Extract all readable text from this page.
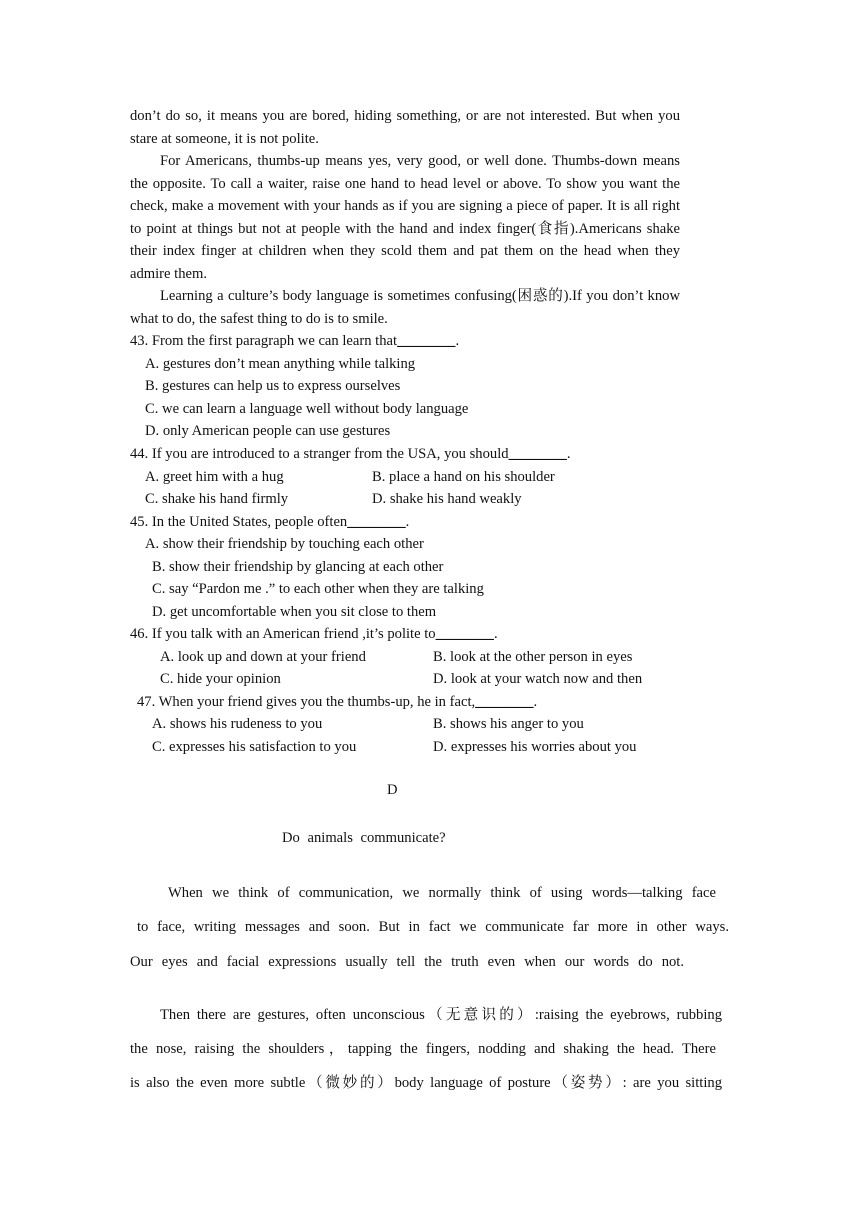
don’t do so, it means you are bored, hiding something, or are not interested. But when you stare at someone, it is not polite.

For Americans, thumbs-up means yes, very good, or well done. Thumbs-down means the opposite. To call a waiter, raise one hand to head level or above. To show you want the check, make a movement with your hands as if you are signing a piece of paper. It is all right to point at things but not at people with the hand and index finger(食指).Americans shake their index finger at children when they scold them and pat them on the head when they admire them.

Learning a culture’s body language is sometimes confusing(困惑的).If you don’t know what to do, the safest thing to do is to smile.

43. From the first paragraph we can learn that________.
A. gestures don’t mean anything while talking
B. gestures can help us to express ourselves
C. we can learn a language well without body language
D. only American people can use gestures
44. If you are introduced to a stranger from the USA, you should________.
A. greet him with a hug	B. place a hand on his shoulder
C. shake his hand firmly	D. shake his hand weakly
45. In the United States, people often________.
A. show their friendship by touching each other
B. show their friendship by glancing at each other
C. say “Pardon me .” to each other when they are talking
D. get uncomfortable when you sit close to them
46. If you talk with an American friend ,it’s polite to________.
A. look up and down at your friend	B. look at the other person in eyes
C. hide your opinion	D. look at your watch now and then
47. When your friend gives you the thumbs-up, he in fact,________.
A. shows his rudeness to you	B. shows his anger to you
C. expresses his satisfaction to you	D. expresses his worries about you
D
Do animals communicate?
When we think of communication, we normally think of using words—talking face
to face, writing messages and soon. But in fact we communicate far more in other ways.
Our eyes and facial expressions usually tell the truth even when our words do not.
Then there are gestures, often unconscious（无意识的）:raising the eyebrows, rubbing
the nose, raising the shoulders，tapping the fingers, nodding and shaking the head. There
is also the even more subtle（微妙的）body language of posture（姿势）: are you sitting
